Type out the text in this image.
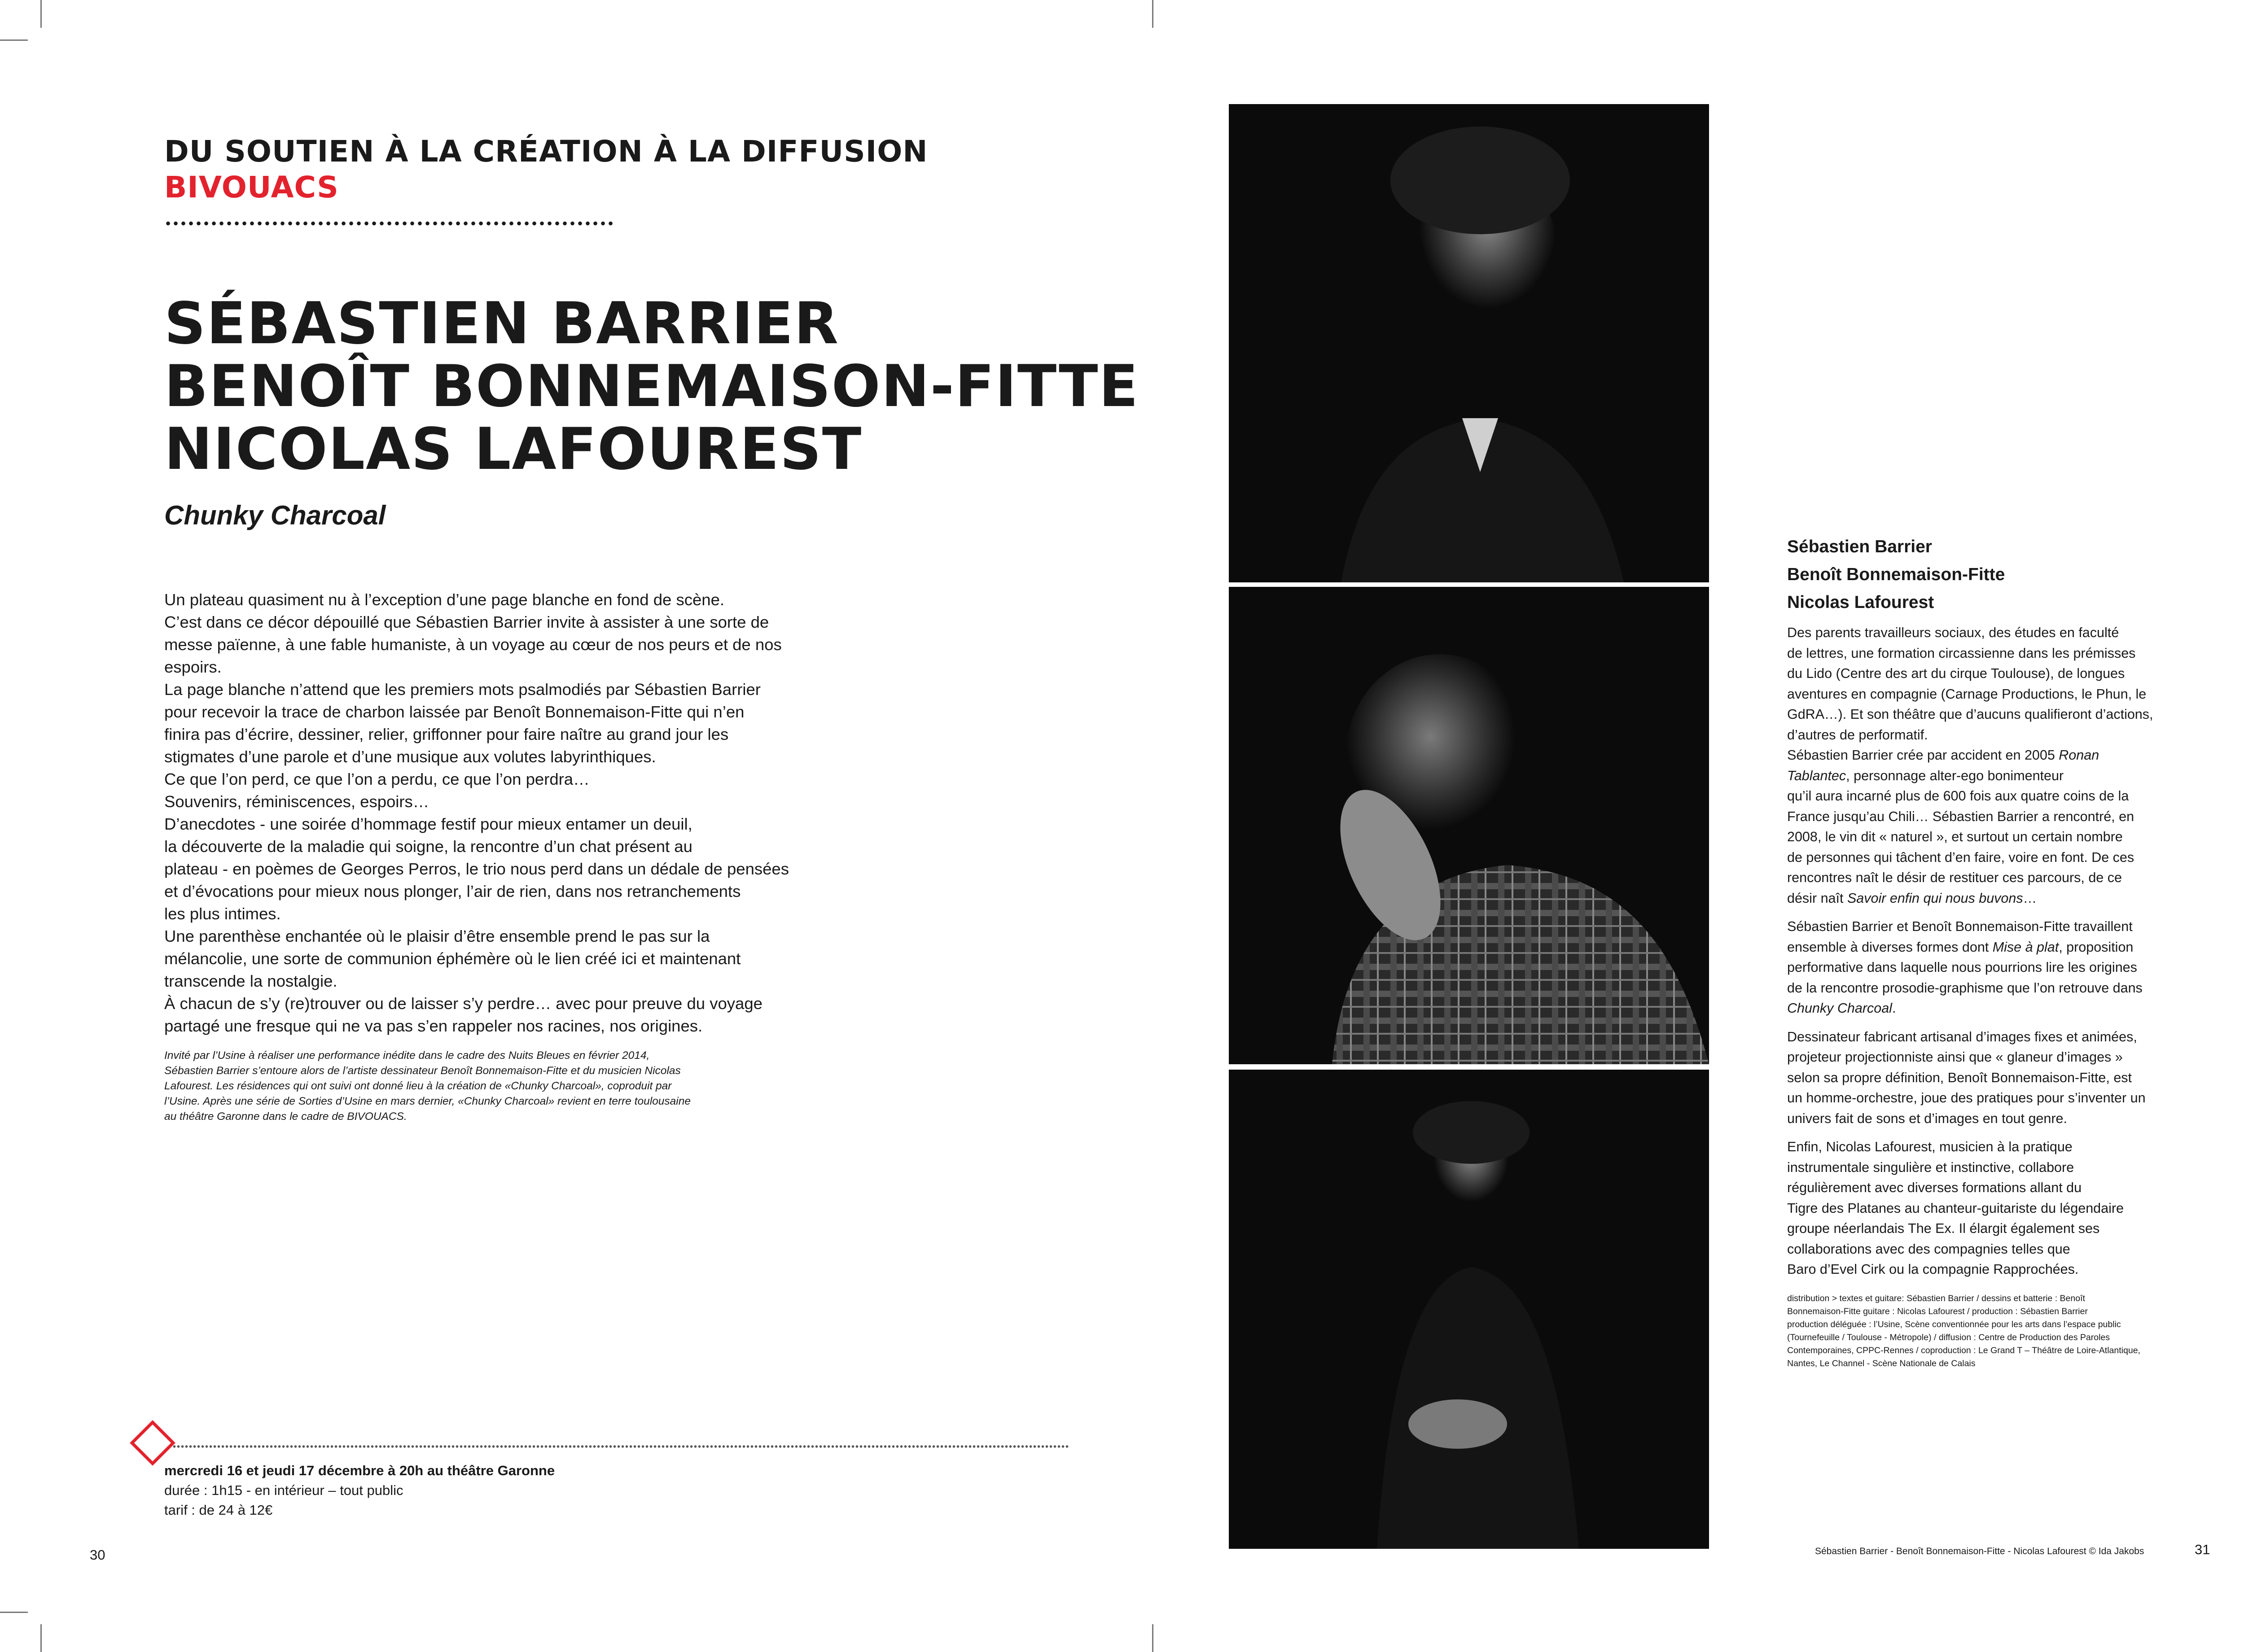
DU SOUTIEN À LA CRÉATION À LA DIFFUSION
BIVOUACS
SÉBASTIEN BARRIER
BENOÎT BONNEMAISON-FITTE
NICOLAS LAFOUREST
Chunky Charcoal

Un plateau quasiment nu à l’exception d’une page blanche en fond de scène.

C’est dans ce décor dépouillé que Sébastien Barrier invite à assister à une sorte de

messe païenne, à une fable humaniste, à un voyage au cœur de nos peurs et de nos

espoirs.

La page blanche n’attend que les premiers mots psalmodiés par Sébastien Barrier

pour recevoir la trace de charbon laissée par Benoît Bonnemaison-Fitte qui n’en

finira pas d’écrire, dessiner, relier, griffonner pour faire naître au grand jour les

stigmates d’une parole et d’une musique aux volutes labyrinthiques.

Ce que l’on perd, ce que l’on a perdu, ce que l’on perdra…

Souvenirs, réminiscences, espoirs…

D’anecdotes - une soirée d’hommage festif pour mieux entamer un deuil,

la découverte de la maladie qui soigne, la rencontre d’un chat présent au

plateau - en poèmes de Georges Perros, le trio nous perd dans un dédale de pensées

et d’évocations pour mieux nous plonger, l’air de rien, dans nos retranchements

les plus intimes.

Une parenthèse enchantée où le plaisir d’être ensemble prend le pas sur la

mélancolie, une sorte de communion éphémère où le lien créé ici et maintenant

transcende la nostalgie.

À chacun de s’y (re)trouver ou de laisser s’y perdre… avec pour preuve du voyage

partagé une fresque qui ne va pas s’en rappeler nos racines, nos origines.

Invité par l’Usine à réaliser une performance inédite dans le cadre des Nuits Bleues en février 2014,

Sébastien Barrier s’entoure alors de l’artiste dessinateur Benoît Bonnemaison-Fitte et du musicien Nicolas

Lafourest. Les résidences qui ont suivi ont donné lieu à la création de «Chunky Charcoal», coproduit par

l’Usine. Après une série de Sorties d’Usine en mars dernier, «Chunky Charcoal» revient en terre toulousaine

au théâtre Garonne dans le cadre de BIVOUACS.

mercredi 16 et jeudi 17 décembre à 20h au théâtre Garonne

durée : 1h15 - en intérieur – tout public

tarif : de 24 à 12€

30

Sébastien Barrier

Benoît Bonnemaison-Fitte

Nicolas Lafourest

Des parents travailleurs sociaux, des études en faculté
de lettres, une formation circassienne dans les prémisses
du Lido (Centre des art du cirque Toulouse), de longues
aventures en compagnie (Carnage Productions, le Phun, le
GdRA…). Et son théâtre que d’aucuns qualifieront d’actions,
d’autres de performatif.
Sébastien Barrier crée par accident en 2005 Ronan
Tablantec, personnage alter-ego bonimenteur
qu’il aura incarné plus de 600 fois aux quatre coins de la
France jusqu’au Chili… Sébastien Barrier a rencontré, en
2008, le vin dit « naturel », et surtout un certain nombre
de personnes qui tâchent d’en faire, voire en font. De ces
rencontres naît le désir de restituer ces parcours, de ce
désir naît Savoir enfin qui nous buvons…

Sébastien Barrier et Benoît Bonnemaison-Fitte travaillent
ensemble à diverses formes dont Mise à plat, proposition
performative dans laquelle nous pourrions lire les origines
de la rencontre prosodie-graphisme que l’on retrouve dans
Chunky Charcoal.

Dessinateur fabricant artisanal d’images fixes et animées,
projeteur projectionniste ainsi que « glaneur d’images »
selon sa propre définition, Benoît Bonnemaison-Fitte, est
un homme-orchestre, joue des pratiques pour s’inventer un
univers fait de sons et d’images en tout genre.

Enfin, Nicolas Lafourest, musicien à la pratique
instrumentale singulière et instinctive, collabore
régulièrement avec diverses formations allant du
Tigre des Platanes au chanteur-guitariste du légendaire
groupe néerlandais The Ex. Il élargit également ses
collaborations avec des compagnies telles que
Baro d’Evel Cirk ou la compagnie Rapprochées.

distribution > textes et guitare: Sébastien Barrier / dessins et batterie : Benoît
Bonnemaison-Fitte guitare : Nicolas Lafourest / production : Sébastien Barrier
production déléguée : l’Usine, Scène conventionnée pour les arts dans l’espace public
(Tournefeuille / Toulouse - Métropole) / diffusion : Centre de Production des Paroles
Contemporaines, CPPC-Rennes / coproduction : Le Grand T – Théâtre de Loire-Atlantique,
Nantes, Le Channel - Scène Nationale de Calais
Sébastien Barrier - Benoît Bonnemaison-Fitte - Nicolas Lafourest © Ida Jakobs	31
